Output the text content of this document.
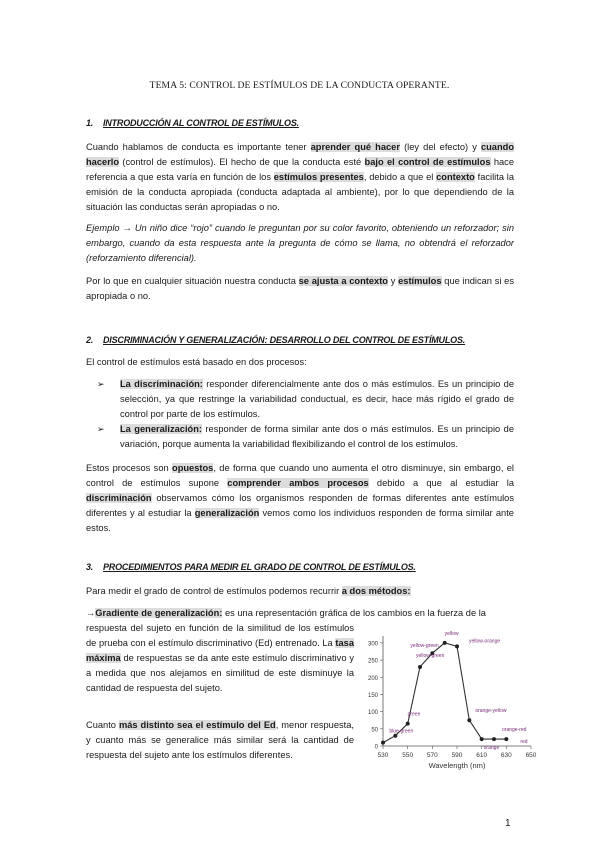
TEMA 5: CONTROL DE ESTÍMULOS DE LA CONDUCTA OPERANTE.
1. INTRODUCCIÓN AL CONTROL DE ESTÍMULOS.
Cuando hablamos de conducta es importante tener aprender qué hacer (ley del efecto) y cuando hacerlo (control de estímulos). El hecho de que la conducta esté bajo el control de estímulos hace referencia a que esta varía en función de los estímulos presentes, debido a que el contexto facilita la emisión de la conducta apropiada (conducta adaptada al ambiente), por lo que dependiendo de la situación las conductas serán apropiadas o no.
Ejemplo → Un niño dice “rojo” cuando le preguntan por su color favorito, obteniendo un reforzador; sin embargo, cuando da esta respuesta ante la pregunta de cómo se llama, no obtendrá el reforzador (reforzamiento diferencial).
Por lo que en cualquier situación nuestra conducta se ajusta a contexto y estímulos que indican si es apropiada o no.
2. DISCRIMINACIÓN Y GENERALIZACIÓN: DESARROLLO DEL CONTROL DE ESTÍMULOS.
El control de estímulos está basado en dos procesos:
➢ La discriminación: responder diferencialmente ante dos o más estímulos. Es un principio de selección, ya que restringe la variabilidad conductual, es decir, hace más rígido el grado de control por parte de los estímulos.
➢ La generalización: responder de forma similar ante dos o más estímulos. Es un principio de variación, porque aumenta la variabilidad flexibilizando el control de los estímulos.
Estos procesos son opuestos, de forma que cuando uno aumenta el otro disminuye, sin embargo, el control de estímulos supone comprender ambos procesos debido a que al estudiar la discriminación observamos cómo los organismos responden de formas diferentes ante estímulos diferentes y al estudiar la generalización vemos como los individuos responden de forma similar ante estos.
3. PROCEDIMIENTOS PARA MEDIR EL GRADO DE CONTROL DE ESTÍMULOS.
Para medir el grado de control de estímulos podemos recurrir a dos métodos:
→Gradiente de generalización: es una representación gráfica de los cambios en la fuerza de la
respuesta del sujeto en función de la similitud de los estímulos de prueba con el estímulo discriminativo (Ed) entrenado. La tasa máxima de respuestas se da ante este estímulo discriminativo y a medida que nos alejamos en similitud de este disminuye la cantidad de respuesta del sujeto.
Cuanto más distinto sea el estímulo del Ed, menor respuesta, y cuanto más se generalice más similar será la cantidad de respuesta del sujeto ante los estímulos diferentes.
300
250
200
150
100
50
0
530 550 570 590 610 630 650
Wavelength (nm)
blue-green
green
yellow-green
yellow-green
yellow
yellow-orange
orange-yellow
orange
orange-red
red
1
